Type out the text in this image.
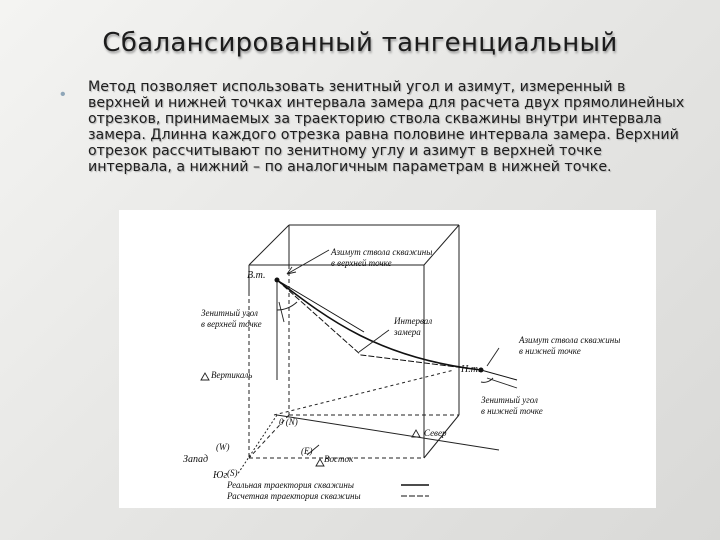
Сбалансированный тангенциальный
• Метод позволяет использовать зенитный угол и азимут, измеренный в верхней и нижней точках интервала замера для расчета двух прямолинейных отрезков, принимаемых за траекторию ствола скважины внутри интервала замера. Длинна каждого отрезка равна половине интервала замера. Верхний отрезок рассчитывают по зенитному углу и азимут в верхней точке интервала, а нижний – по аналогичным параметрам в нижней точке.
В.т.
Н.т.
Азимут ствола скважины
в верхней точке
Зенитный угол
в верхней точке	Интервал
замера
Азимут ствола скважины
в нижней точке
Зенитный угол
в нижней точке
Вертикаль
Север
Восток
0 (N)
(W)	(E)
(S)
Запад
Юг
Реальная траектория скважины
Расчетная траектория скважины
